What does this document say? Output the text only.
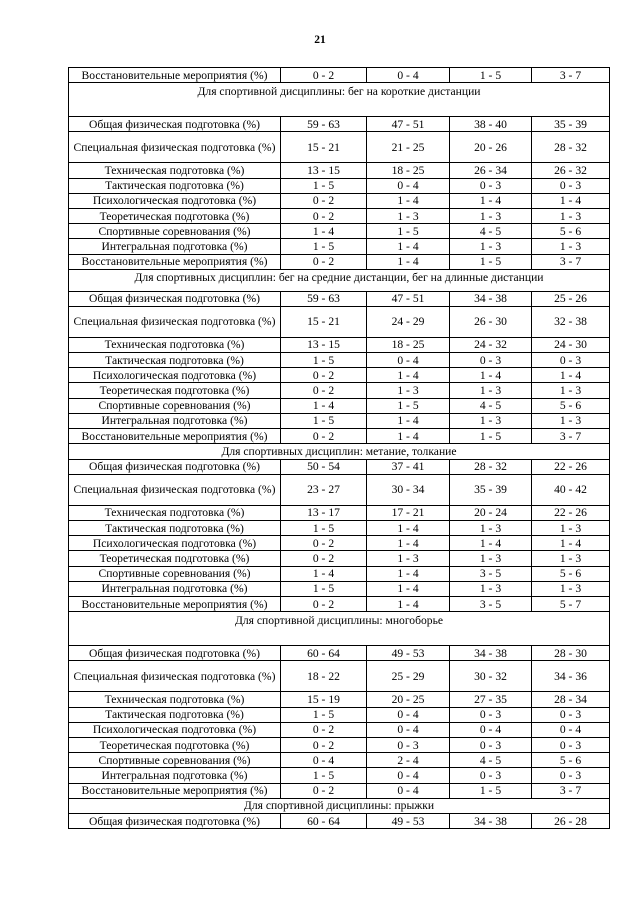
21
Восстановительные мероприятия (%)	0 - 2	0 - 4	1 - 5	3 - 7
Для спортивной дисциплины: бег на короткие дистанции				
Общая физическая подготовка (%)	59 - 63	47 - 51	38 - 40	35 - 39
Специальная физическая подготовка (%)	15 - 21	21 - 25	20 - 26	28 - 32
Техническая подготовка (%)	13 - 15	18 - 25	26 - 34	26 - 32
Тактическая подготовка (%)	1 - 5	0 - 4	0 - 3	0 - 3
Психологическая подготовка (%)	0 - 2	1 - 4	1 - 4	1 - 4
Теоретическая подготовка (%)	0 - 2	1 - 3	1 - 3	1 - 3
Спортивные соревнования (%)	1 - 4	1 - 5	4 - 5	5 - 6
Интегральная подготовка (%)	1 - 5	1 - 4	1 - 3	1 - 3
Восстановительные мероприятия (%)	0 - 2	1 - 4	1 - 5	3 - 7
Для спортивных дисциплин: бег на средние дистанции, бег на длинные дистанции				
Общая физическая подготовка (%)	59 - 63	47 - 51	34 - 38	25 - 26
Специальная физическая подготовка (%)	15 - 21	24 - 29	26 - 30	32 - 38
Техническая подготовка (%)	13 - 15	18 - 25	24 - 32	24 - 30
Тактическая подготовка (%)	1 - 5	0 - 4	0 - 3	0 - 3
Психологическая подготовка (%)	0 - 2	1 - 4	1 - 4	1 - 4
Теоретическая подготовка (%)	0 - 2	1 - 3	1 - 3	1 - 3
Спортивные соревнования (%)	1 - 4	1 - 5	4 - 5	5 - 6
Интегральная подготовка (%)	1 - 5	1 - 4	1 - 3	1 - 3
Восстановительные мероприятия (%)	0 - 2	1 - 4	1 - 5	3 - 7
Для спортивных дисциплин: метание, толкание				
Общая физическая подготовка (%)	50 - 54	37 - 41	28 - 32	22 - 26
Специальная физическая подготовка (%)	23 - 27	30 - 34	35 - 39	40 - 42
Техническая подготовка (%)	13 - 17	17 - 21	20 - 24	22 - 26
Тактическая подготовка (%)	1 - 5	1 - 4	1 - 3	1 - 3
Психологическая подготовка (%)	0 - 2	1 - 4	1 - 4	1 - 4
Теоретическая подготовка (%)	0 - 2	1 - 3	1 - 3	1 - 3
Спортивные соревнования (%)	1 - 4	1 - 4	3 - 5	5 - 6
Интегральная подготовка (%)	1 - 5	1 - 4	1 - 3	1 - 3
Восстановительные мероприятия (%)	0 - 2	1 - 4	3 - 5	5 - 7
Для спортивной дисциплины: многоборье				
Общая физическая подготовка (%)	60 - 64	49 - 53	34 - 38	28 - 30
Специальная физическая подготовка (%)	18 - 22	25 - 29	30 - 32	34 - 36
Техническая подготовка (%)	15 - 19	20 - 25	27 - 35	28 - 34
Тактическая подготовка (%)	1 - 5	0 - 4	0 - 3	0 - 3
Психологическая подготовка (%)	0 - 2	0 - 4	0 - 4	0 - 4
Теоретическая подготовка (%)	0 - 2	0 - 3	0 - 3	0 - 3
Спортивные соревнования (%)	0 - 4	2 - 4	4 - 5	5 - 6
Интегральная подготовка (%)	1 - 5	0 - 4	0 - 3	0 - 3
Восстановительные мероприятия (%)	0 - 2	0 - 4	1 - 5	3 - 7
Для спортивной дисциплины: прыжки				
Общая физическая подготовка (%)	60 - 64	49 - 53	34 - 38	26 - 28
